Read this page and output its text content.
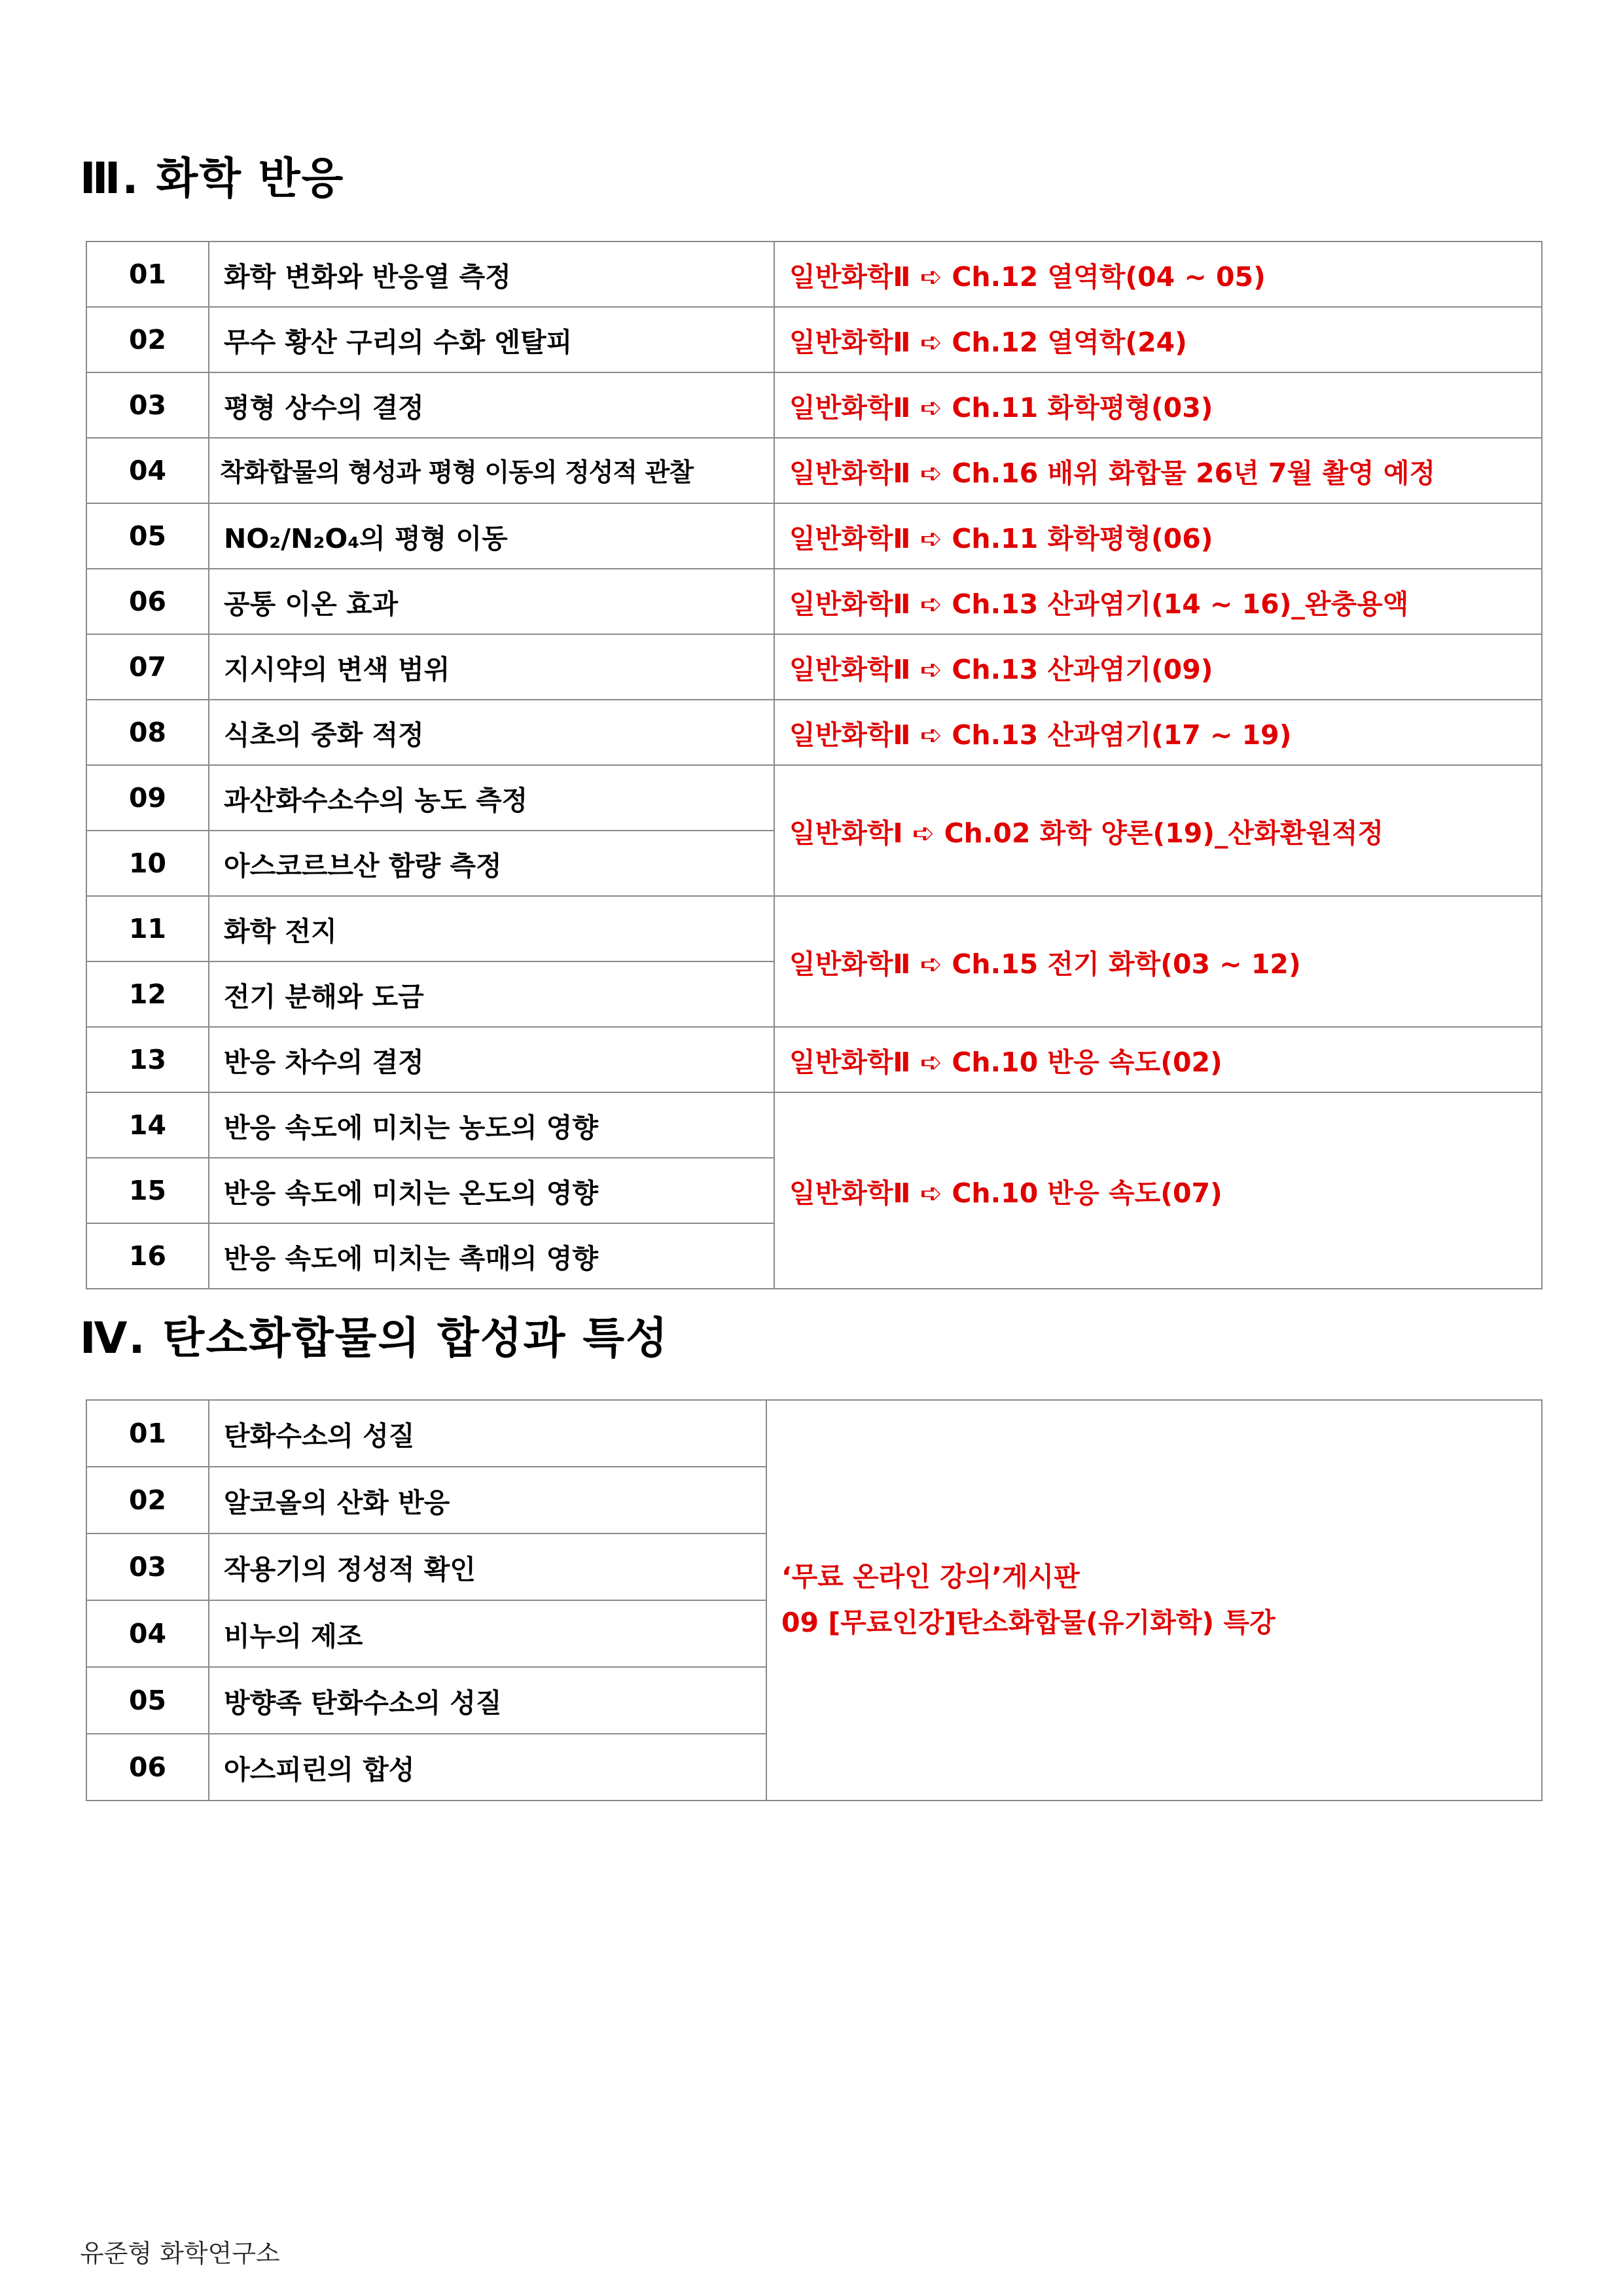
Ⅲ. 화학 반응
01	화학 변화와 반응열 측정	일반화학Ⅱ ➪ Ch.12 열역학(04 ~ 05)
02	무수 황산 구리의 수화 엔탈피	일반화학Ⅱ ➪ Ch.12 열역학(24)
03	평형 상수의 결정	일반화학Ⅱ ➪ Ch.11 화학평형(03)
04	착화합물의 형성과 평형 이동의 정성적 관찰	일반화학Ⅱ ➪ Ch.16 배위 화합물 26년 7월 촬영 예정
05	NO₂/N₂O₄의 평형 이동	일반화학Ⅱ ➪ Ch.11 화학평형(06)
06	공통 이온 효과	일반화학Ⅱ ➪ Ch.13 산과염기(14 ~ 16)_완충용액
07	지시약의 변색 범위	일반화학Ⅱ ➪ Ch.13 산과염기(09)
08	식초의 중화 적정	일반화학Ⅱ ➪ Ch.13 산과염기(17 ~ 19)
09	과산화수소수의 농도 측정	일반화학Ⅰ ➪ Ch.02 화학 양론(19)_산화환원적정
10	아스코르브산 함량 측정	
11	화학 전지	일반화학Ⅱ ➪ Ch.15 전기 화학(03 ~ 12)
12	전기 분해와 도금	
13	반응 차수의 결정	일반화학Ⅱ ➪ Ch.10 반응 속도(02)
14	반응 속도에 미치는 농도의 영향	일반화학Ⅱ ➪ Ch.10 반응 속도(07)
15	반응 속도에 미치는 온도의 영향	
16	반응 속도에 미치는 촉매의 영향	
Ⅳ. 탄소화합물의 합성과 특성
01	탄화수소의 성질	‘무료 온라인 강의’게시판
09 [무료인강]탄소화합물(유기화학) 특강

02	알코올의 산화 반응	
03	작용기의 정성적 확인	
04	비누의 제조	
05	방향족 탄화수소의 성질	
06	아스피린의 합성	

유준형 화학연구소
